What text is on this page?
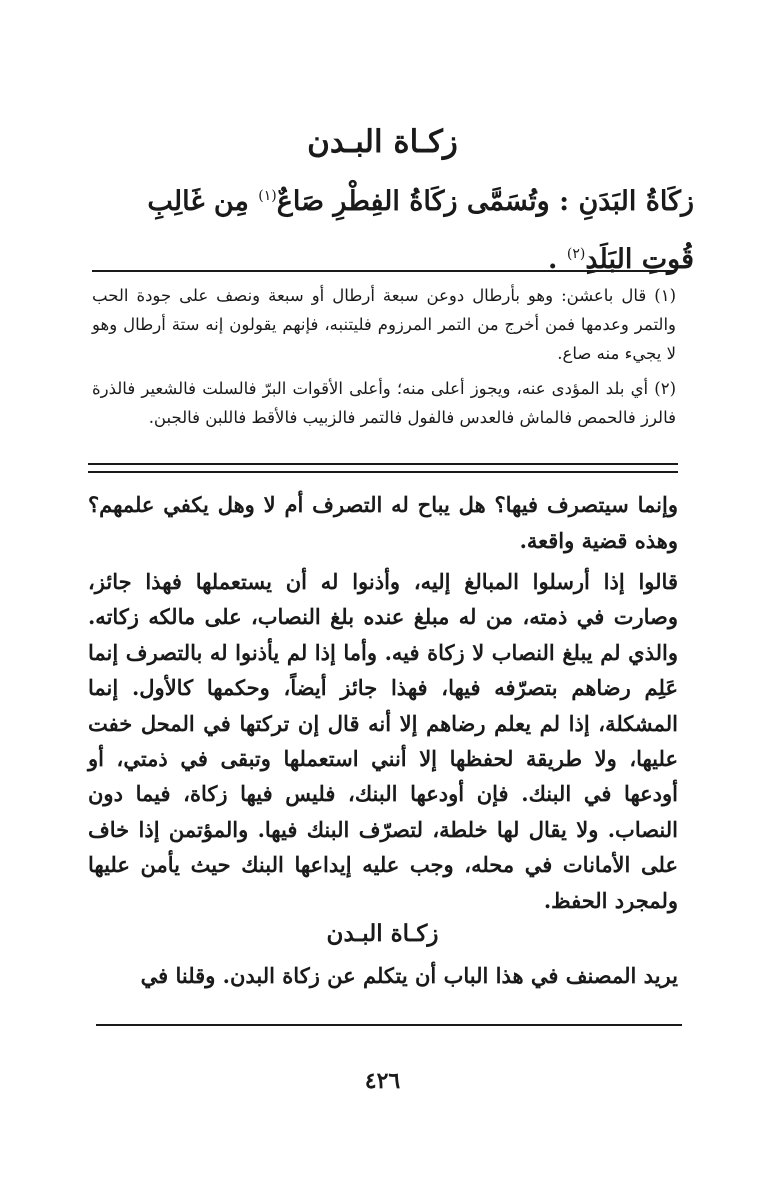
زكـاة البـدن
زكَاةُ البَدَنِ : وتُسَمَّى زكَاةُ الفِطْرِ صَاعٌ$^{(١)}$ مِن غَالِبِ قُوتِ البَلَدِ$^{(٢)}$ .
(١) قال باعشن: وهو بأرطال دوعن سبعة أرطال أو سبعة ونصف على جودة الحب والتمر وعدمها فمن أخرج من التمر المرزوم فليتنبه، فإنهم يقولون إنه ستة أرطال وهو لا يجيء منه صاع.
(٢) أي بلد المؤدى عنه، ويجوز أعلى منه؛ وأعلى الأقوات البرّ فالسلت فالشعير فالذرة فالرز فالحمص فالماش فالعدس فالفول فالتمر فالزبيب فالأقط فاللبن فالجبن.
وإنما سيتصرف فيها؟ هل يباح له التصرف أم لا وهل يكفي علمهم؟ وهذه قضية واقعة.
قالوا إذا أرسلوا المبالغ إليه، وأذنوا له أن يستعملها فهذا جائز، وصارت في ذمته، من له مبلغ عنده بلغ النصاب، على مالكه زكاته. والذي لم يبلغ النصاب لا زكاة فيه. وأما إذا لم يأذنوا له بالتصرف إنما عَلِم رضاهم بتصرّفه فيها، فهذا جائز أيضاً، وحكمها كالأول. إنما المشكلة، إذا لم يعلم رضاهم إلا أنه قال إن تركتها في المحل خفت عليها، ولا طريقة لحفظها إلا أنني استعملها وتبقى في ذمتي، أو أودعها في البنك. فإن أودعها البنك، فليس فيها زكاة، فيما دون النصاب. ولا يقال لها خلطة، لتصرّف البنك فيها. والمؤتمن إذا خاف على الأمانات في محله، وجب عليه إيداعها البنك حيث يأمن عليها ولمجرد الحفظ.
زكـاة البـدن
يريد المصنف في هذا الباب أن يتكلم عن زكاة البدن. وقلنا في
٤٢٦
